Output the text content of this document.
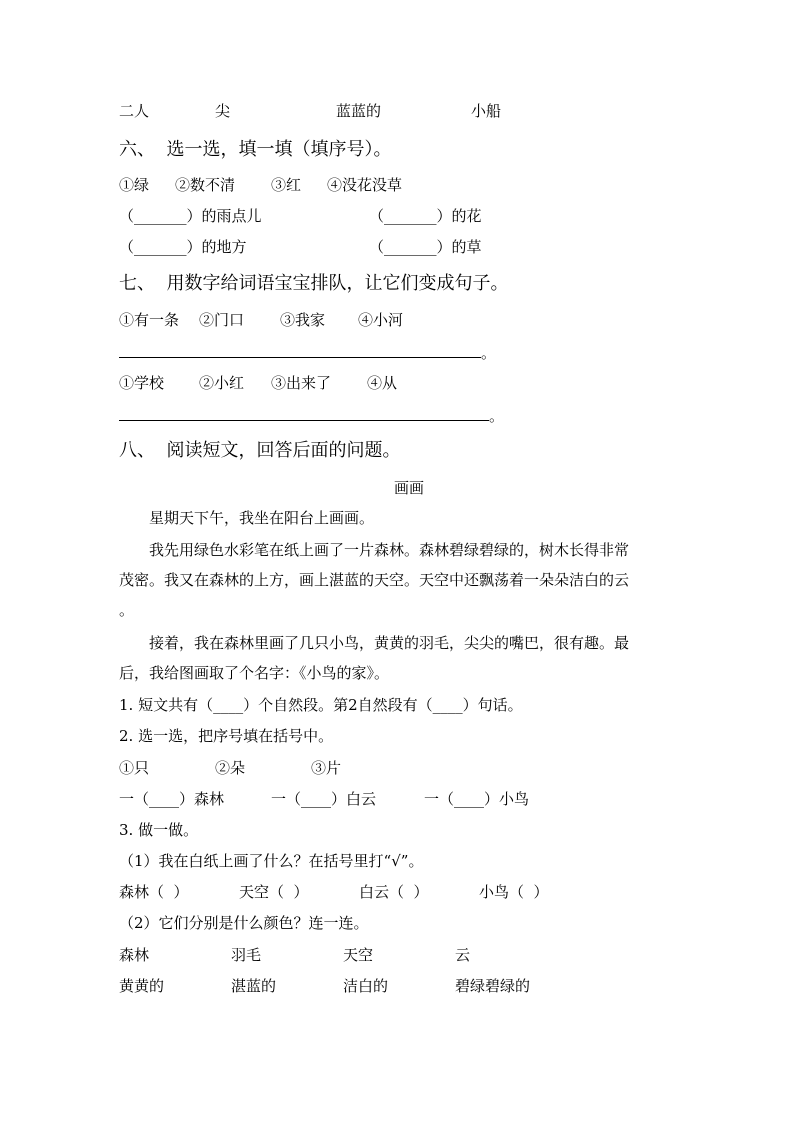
二人	尖	蓝蓝的	小船
六、  选一选，填一填（填序号）。
①绿 ②数不清 ③红 ④没花没草
（_______）的雨点儿	（_______）的花
（_______）的地方	（_______）的草
七、  用数字给词语宝宝排队，让它们变成句子。
①有一条 ②门口 ③我家 ④小河
。
①学校 ②小红 ③出来了 ④从
。
八、  阅读短文，回答后面的问题。
画画
星期天下午，我坐在阳台上画画。
我先用绿色水彩笔在纸上画了一片森林。森林碧绿碧绿的，树木长得非常
茂密。我又在森林的上方，画上湛蓝的天空。天空中还飘荡着一朵朵洁白的云
。
接着，我在森林里画了几只小鸟，黄黄的羽毛，尖尖的嘴巴，很有趣。最
后，我给图画取了个名字：《小鸟的家》。
1. 短文共有（____）个自然段。第2自然段有（____）句话。
2. 选一选，把序号填在括号中。
①只	②朵	③片
一（____）森林	一（____）白云	一（____）小鸟
3. 做一做。
（1）我在白纸上画了什么？在括号里打“√”。
森林（  ）	天空（  ）	白云（  ）	小鸟（  ）
（2）它们分别是什么颜色？连一连。
森林	羽毛	天空	云
黄黄的	湛蓝的	洁白的	碧绿碧绿的
